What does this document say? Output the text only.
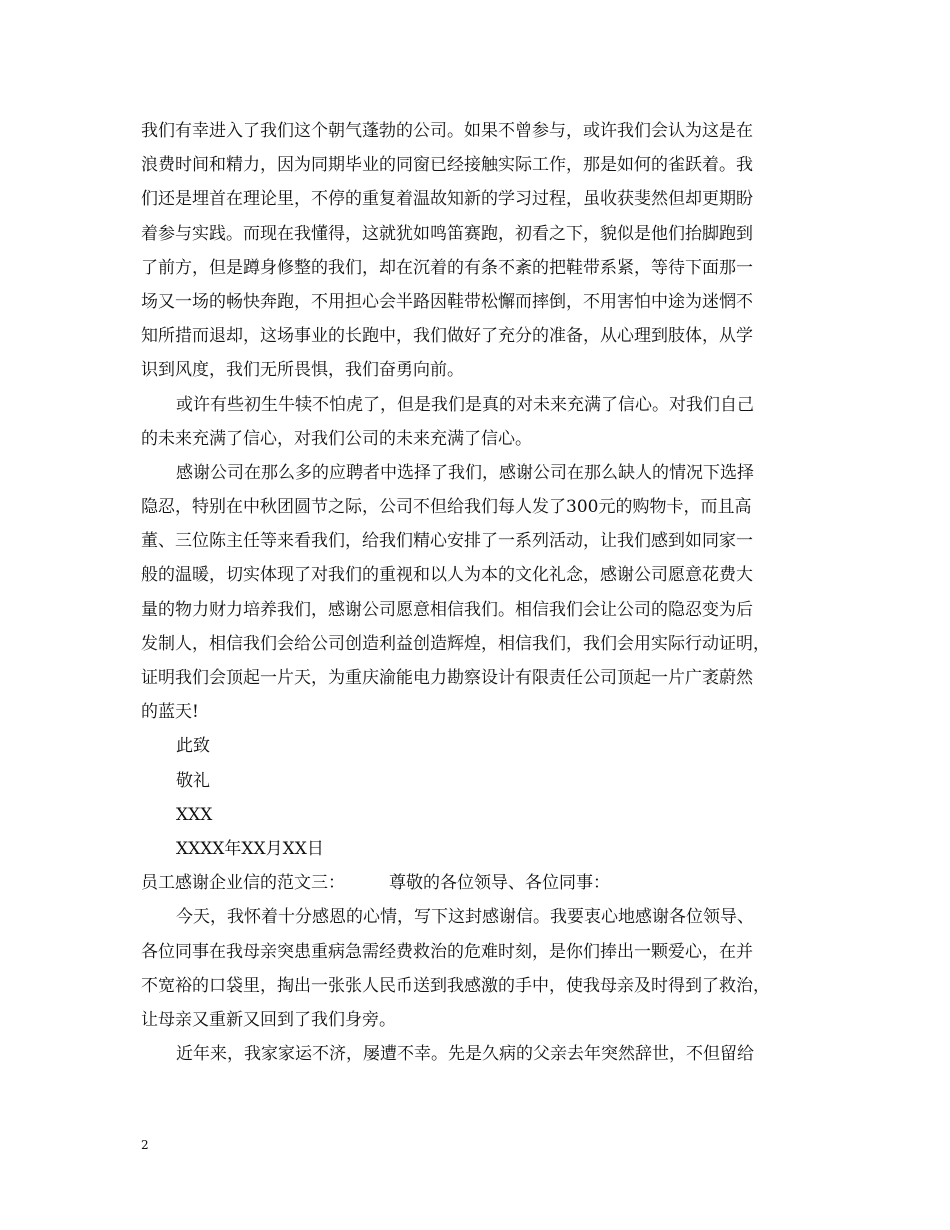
我们有幸进入了我们这个朝气蓬勃的公司。如果不曾参与，或许我们会认为这是在
浪费时间和精力，因为同期毕业的同窗已经接触实际工作，那是如何的雀跃着。我
们还是埋首在理论里，不停的重复着温故知新的学习过程，虽收获斐然但却更期盼
着参与实践。而现在我懂得，这就犹如鸣笛赛跑，初看之下，貌似是他们抬脚跑到
了前方，但是蹲身修整的我们，却在沉着的有条不紊的把鞋带系紧，等待下面那一
场又一场的畅快奔跑，不用担心会半路因鞋带松懈而摔倒，不用害怕中途为迷惘不
知所措而退却，这场事业的长跑中，我们做好了充分的准备，从心理到肢体，从学
识到风度，我们无所畏惧，我们奋勇向前。
或许有些初生牛犊不怕虎了，但是我们是真的对未来充满了信心。对我们自己
的未来充满了信心，对我们公司的未来充满了信心。
感谢公司在那么多的应聘者中选择了我们，感谢公司在那么缺人的情况下选择
隐忍，特别在中秋团圆节之际，公司不但给我们每人发了300元的购物卡，而且高
董、三位陈主任等来看我们，给我们精心安排了一系列活动，让我们感到如同家一
般的温暖，切实体现了对我们的重视和以人为本的文化礼念，感谢公司愿意花费大
量的物力财力培养我们，感谢公司愿意相信我们。相信我们会让公司的隐忍变为后
发制人，相信我们会给公司创造利益创造辉煌，相信我们，我们会用实际行动证明，
证明我们会顶起一片天，为重庆渝能电力勘察设计有限责任公司顶起一片广袤蔚然
的蓝天!
此致
敬礼
XXX
XXXX年XX月XX日
员工感谢企业信的范文三：	尊敬的各位领导、各位同事：
今天，我怀着十分感恩的心情，写下这封感谢信。我要衷心地感谢各位领导、
各位同事在我母亲突患重病急需经费救治的危难时刻，是你们捧出一颗爱心，在并
不宽裕的口袋里，掏出一张张人民币送到我感激的手中，使我母亲及时得到了救治，
让母亲又重新又回到了我们身旁。
近年来，我家家运不济，屡遭不幸。先是久病的父亲去年突然辞世，不但留给
2
